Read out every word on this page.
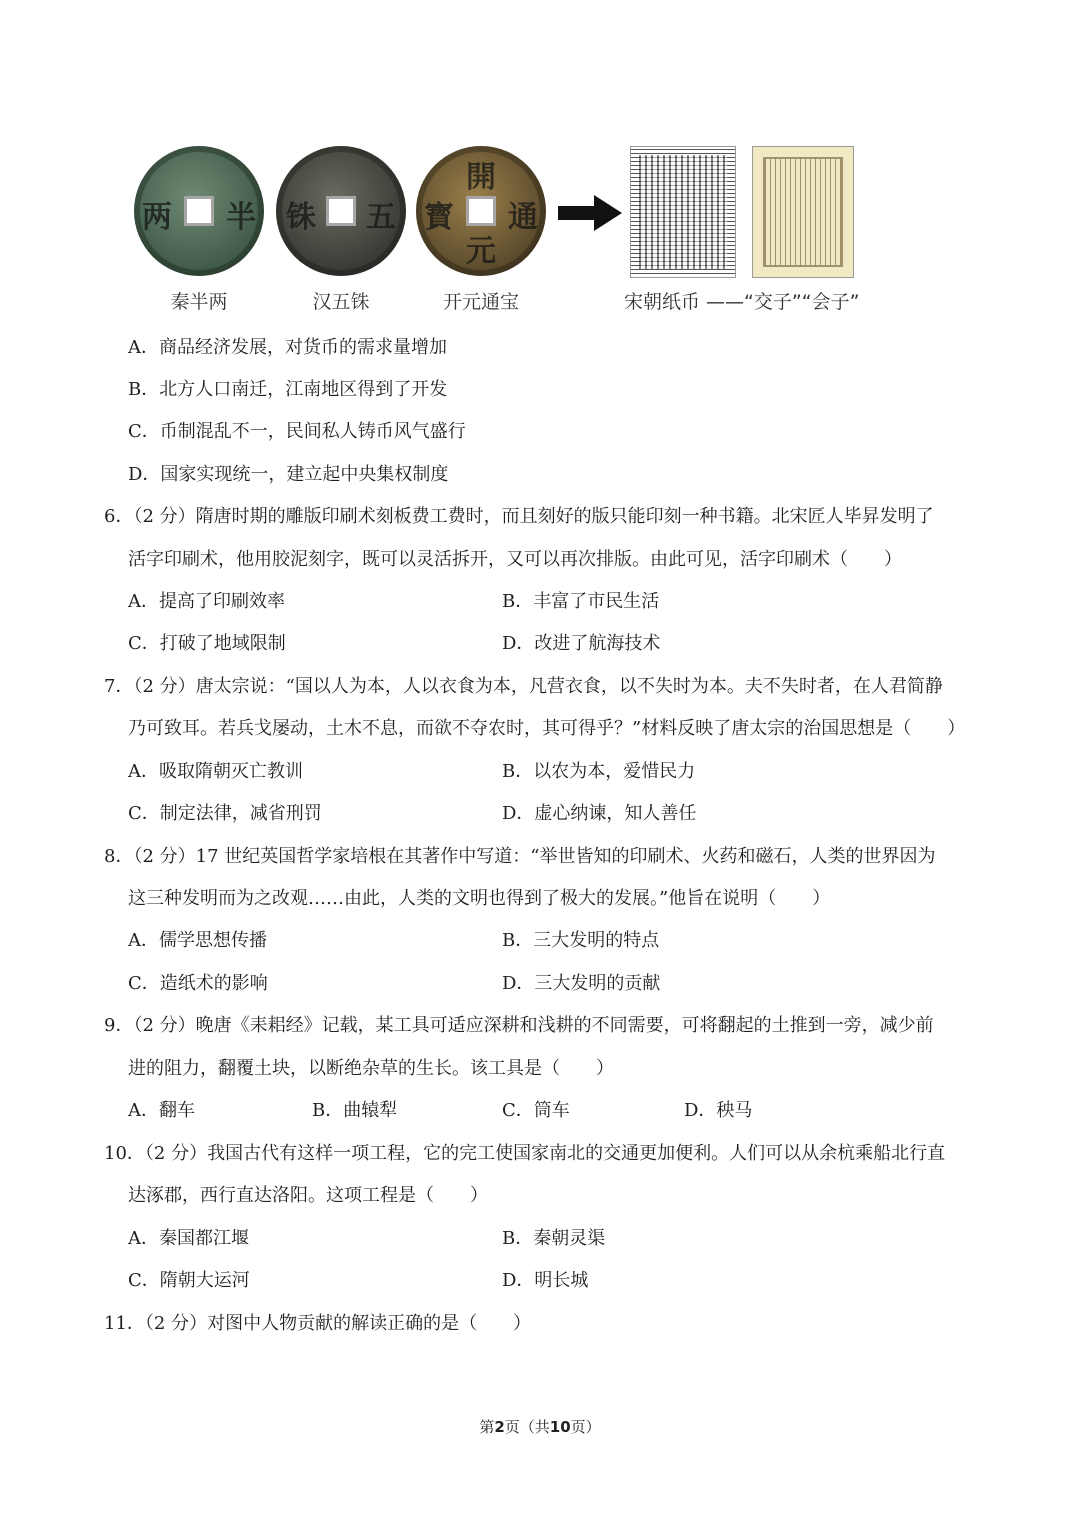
两 半
秦半两
铢 五
汉五铢
開
元
寳 通
开元通宝	宋朝纸币 ——“交子”“会子”
A．商品经济发展，对货币的需求量增加
B．北方人口南迁，江南地区得到了开发
C．币制混乱不一，民间私人铸币风气盛行
D．国家实现统一，建立起中央集权制度
6．（2 分）隋唐时期的雕版印刷术刻板费工费时，而且刻好的版只能印刻一种书籍。北宋匠人毕昇发明了
活字印刷术，他用胶泥刻字，既可以灵活拆开，又可以再次排版。由此可见，活字印刷术（　　）
A．提高了印刷效率	B．丰富了市民生活
C．打破了地域限制	D．改进了航海技术
7．（2 分）唐太宗说：“国以人为本，人以衣食为本，凡营衣食，以不失时为本。夫不失时者，在人君简静
乃可致耳。若兵戈屡动，土木不息，而欲不夺农时，其可得乎？”材料反映了唐太宗的治国思想是（　　）
A．吸取隋朝灭亡教训	B．以农为本，爱惜民力
C．制定法律，减省刑罚	D．虚心纳谏，知人善任
8．（2 分）17 世纪英国哲学家培根在其著作中写道：“举世皆知的印刷术、火药和磁石，人类的世界因为
这三种发明而为之改观……由此，人类的文明也得到了极大的发展。”他旨在说明（　　）
A．儒学思想传播	B．三大发明的特点
C．造纸术的影响	D．三大发明的贡献
9．（2 分）晚唐《耒耜经》记载，某工具可适应深耕和浅耕的不同需要，可将翻起的土推到一旁，减少前
进的阻力，翻覆土块，以断绝杂草的生长。该工具是（　　）
A．翻车	B．曲辕犁	C．筒车	D．秧马
10．（2 分）我国古代有这样一项工程，它的完工使国家南北的交通更加便利。人们可以从余杭乘船北行直
达涿郡，西行直达洛阳。这项工程是（　　）
A．秦国都江堰	B．秦朝灵渠
C．隋朝大运河	D．明长城
11．（2 分）对图中人物贡献的解读正确的是（　　）
第2页（共10页）
